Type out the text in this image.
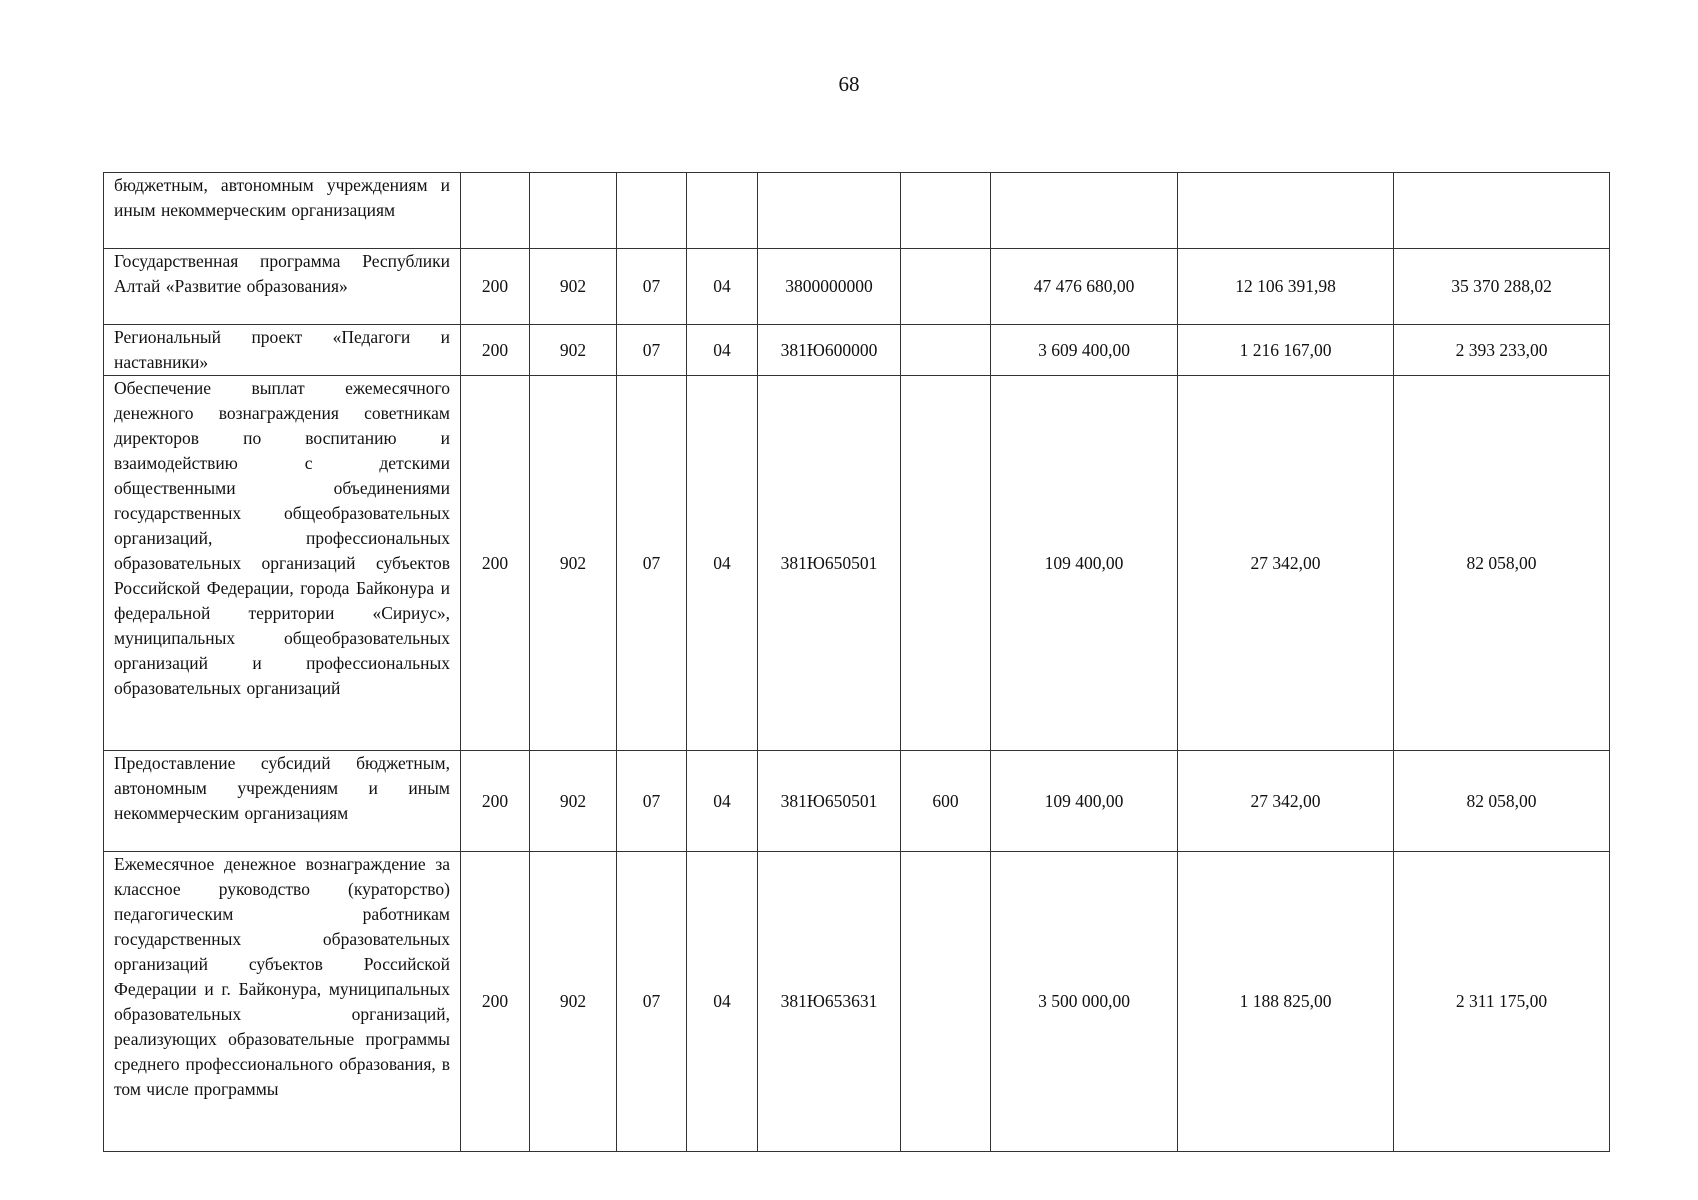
68
бюджетным, автономным учреждениям и иным некоммерческим организациям									

Государственная программа Республики Алтай «Развитие образования»	200	902	07	04	3800000000		47 476 680,00	12 106 391,98	35 370 288,02

Региональный проект «Педагоги и наставники»	200	902	07	04	381Ю600000		3 609 400,00	1 216 167,00	2 393 233,00

Обеспечение выплат ежемесячного денежного вознаграждения советникам директоров по воспитанию и взаимодействию с детскими общественными объединениями государственных общеобразовательных организаций, профессиональных образовательных организаций субъектов Российской Федерации, города Байконура и федеральной территории «Сириус», муниципальных общеобразовательных организаций и профессиональных образовательных организаций	200	902	07	04	381Ю650501		109 400,00	27 342,00	82 058,00

Предоставление субсидий бюджетным, автономным учреждениям и иным некоммерческим организациям	200	902	07	04	381Ю650501	600	109 400,00	27 342,00	82 058,00

Ежемесячное денежное вознаграждение за классное руководство (кураторство) педагогическим работникам государственных образовательных организаций субъектов Российской Федерации и г. Байконура, муниципальных образовательных организаций, реализующих образовательные программы среднего профессионального образования, в том числе программы	200	902	07	04	381Ю653631		3 500 000,00	1 188 825,00	2 311 175,00
